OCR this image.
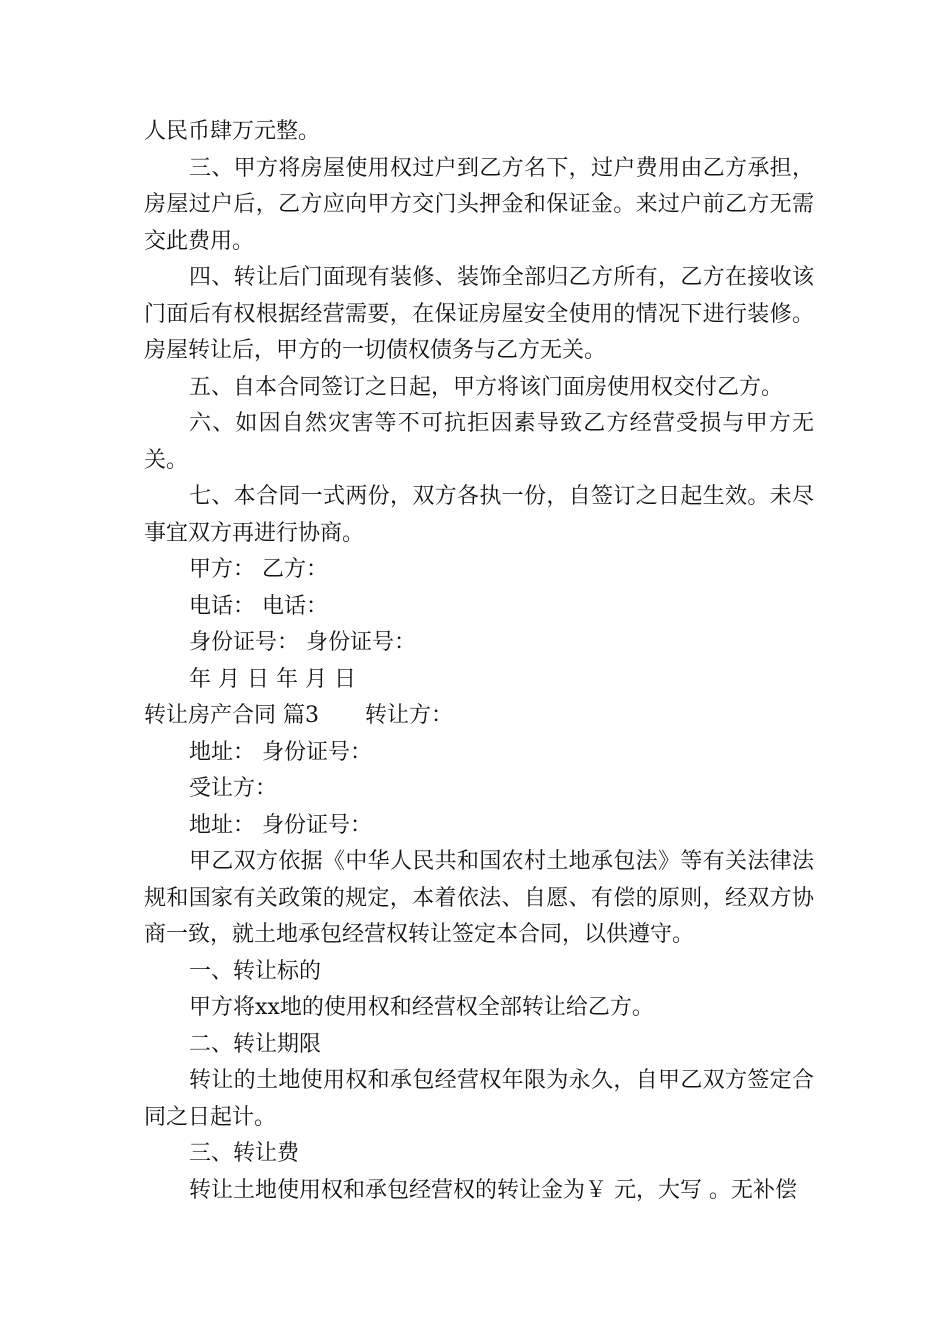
人民币肆万元整。

三、甲方将房屋使用权过户到乙方名下，过户费用由乙方承担，房屋过户后，乙方应向甲方交门头押金和保证金。来过户前乙方无需交此费用。

四、转让后门面现有装修、装饰全部归乙方所有，乙方在接收该门面后有权根据经营需要，在保证房屋安全使用的情况下进行装修。房屋转让后，甲方的一切债权债务与乙方无关。

五、自本合同签订之日起，甲方将该门面房使用权交付乙方。

六、如因自然灾害等不可抗拒因素导致乙方经营受损与甲方无关。

七、本合同一式两份，双方各执一份，自签订之日起生效。未尽事宜双方再进行协商。

甲方： 乙方：

电话： 电话：

身份证号： 身份证号：

年 月 日 年 月 日

转让房产合同 篇3 转让方：

地址： 身份证号：

受让方：

地址： 身份证号：

甲乙双方依据《中华人民共和国农村土地承包法》等有关法律法规和国家有关政策的规定，本着依法、自愿、有偿的原则，经双方协商一致，就土地承包经营权转让签定本合同，以供遵守。

一、转让标的

甲方将xx地的使用权和经营权全部转让给乙方。

二、转让期限

转让的土地使用权和承包经营权年限为永久，自甲乙双方签定合同之日起计。

三、转让费

转让土地使用权和承包经营权的转让金为￥ 元，大写 。无补偿
